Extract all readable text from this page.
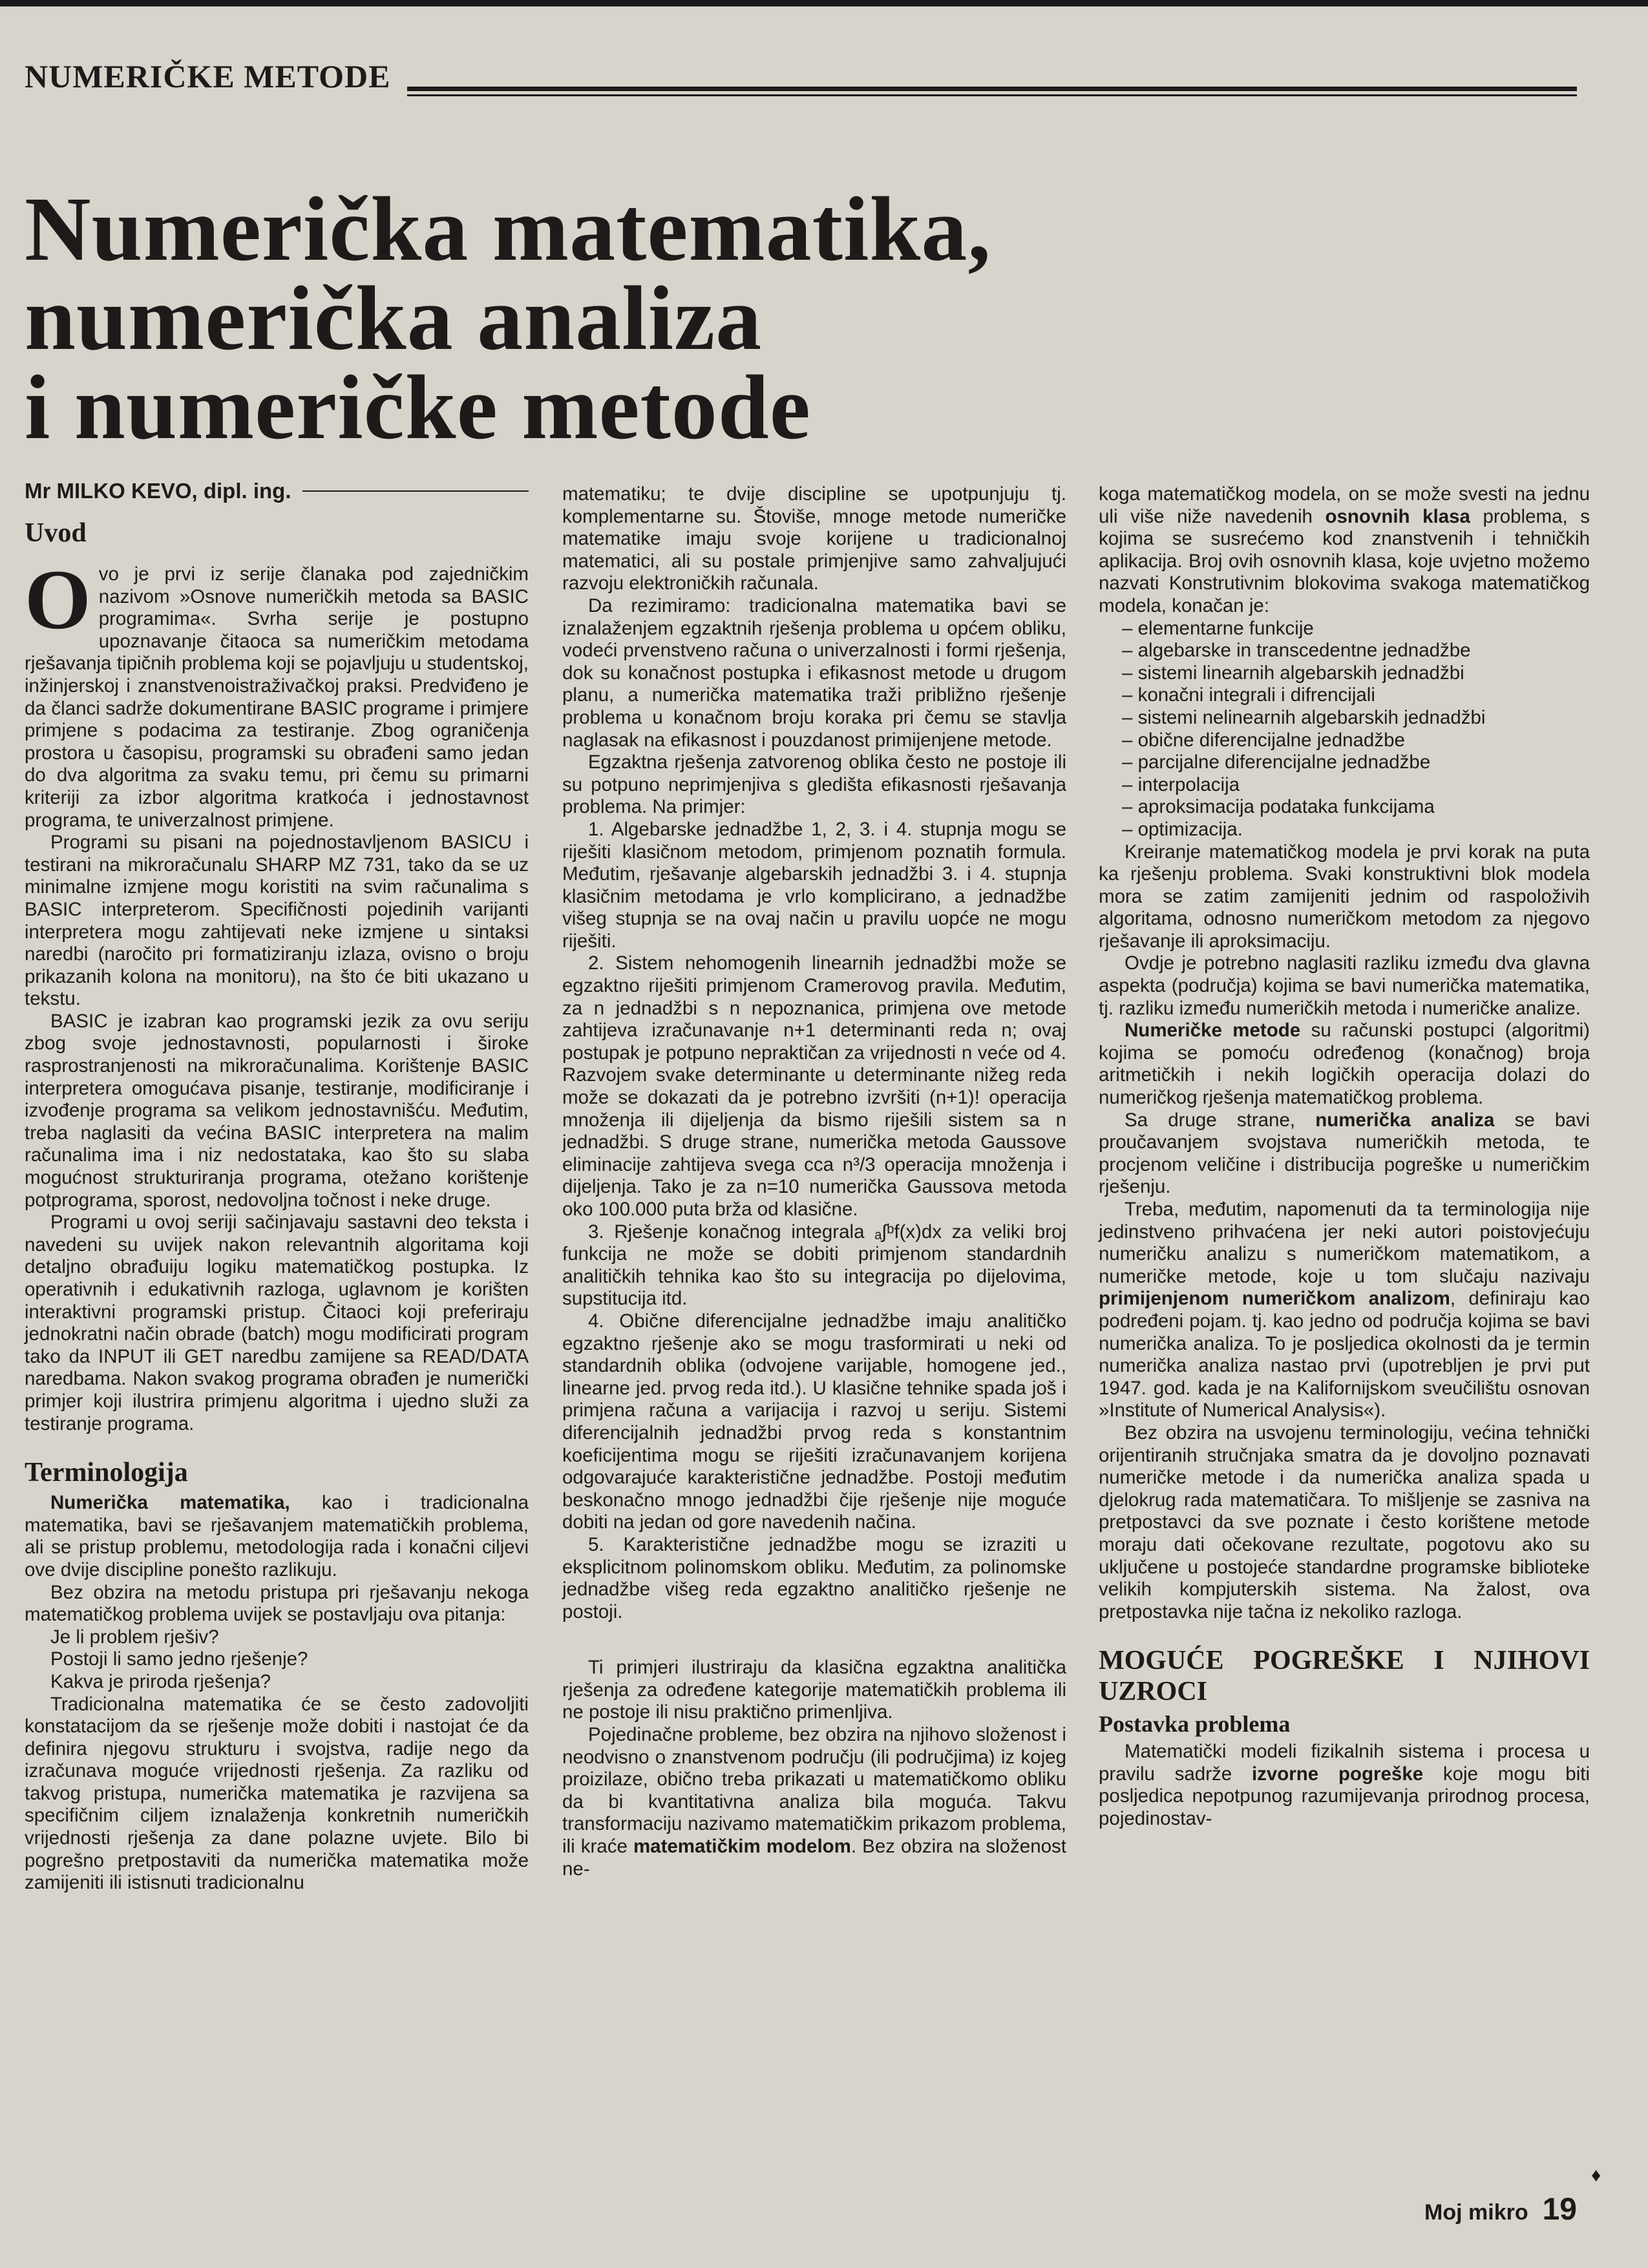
NUMERIČKE METODE
Numerička matematika,
numerička analiza
i numeričke metode
Mr MILKO KEVO, dipl. ing.
Uvod

Ovo je prvi iz serije članaka pod zajedničkim nazivom »Osnove numeričkih metoda sa BASIC programima«. Svrha serije je postupno upoznavanje čitaoca sa numeričkim metodama rješavanja tipičnih problema koji se pojavljuju u studentskoj, inžinjerskoj i znanstvenoistraživačkoj praksi. Predviđeno je da članci sadrže dokumentirane BASIC programe i primjere primjene s podacima za testiranje. Zbog ograničenja prostora u časopisu, programski su obrađeni samo jedan do dva algoritma za svaku temu, pri čemu su primarni kriteriji za izbor algoritma kratkoća i jednostavnost programa, te univerzalnost primjene.

Programi su pisani na pojednostavljenom BASICU i testirani na mikroračunalu SHARP MZ 731, tako da se uz minimalne izmjene mogu koristiti na svim računalima s BASIC interpreterom. Specifičnosti pojedinih varijanti interpretera mogu zahtijevati neke izmjene u sintaksi naredbi (naročito pri formatiziranju izlaza, ovisno o broju prikazanih kolona na monitoru), na što će biti ukazano u tekstu.

BASIC je izabran kao programski jezik za ovu seriju zbog svoje jednostavnosti, popularnosti i široke rasprostranjenosti na mikroračunalima. Korištenje BASIC interpretera omogućava pisanje, testiranje, modificiranje i izvođenje programa sa velikom jednostavnišću. Međutim, treba naglasiti da većina BASIC interpretera na malim računalima ima i niz nedostataka, kao što su slaba mogućnost strukturiranja programa, otežano korištenje potprograma, sporost, nedovoljna točnost i neke druge.

Programi u ovoj seriji sačinjavaju sastavni deo teksta i navedeni su uvijek nakon relevantnih algoritama koji detaljno obrađuiju logiku matematičkog postupka. Iz operativnih i edukativnih razloga, uglavnom je korišten interaktivni programski pristup. Čitaoci koji preferiraju jednokratni način obrade (batch) mogu modificirati program tako da INPUT ili GET naredbu zamijene sa READ/DATA naredbama. Nakon svakog programa obrađen je numerički primjer koji ilustrira primjenu algoritma i ujedno služi za testiranje programa.

Terminologija

Numerička matematika, kao i tradicionalna matematika, bavi se rješavanjem matematičkih problema, ali se pristup problemu, metodologija rada i konačni ciljevi ove dvije discipline ponešto razlikuju.

Bez obzira na metodu pristupa pri rješavanju nekoga matematičkog problema uvijek se postavljaju ova pitanja:

Je li problem rješiv?
Postoji li samo jedno rješenje?
Kakva je priroda rješenja?

Tradicionalna matematika će se često zadovoljiti konstatacijom da se rješenje može dobiti i nastojat će da definira njegovu strukturu i svojstva, radije nego da izračunava moguće vrijednosti rješenja. Za razliku od takvog pristupa, numerička matematika je razvijena sa specifičnim ciljem iznalaženja konkretnih numeričkih vrijednosti rješenja za dane polazne uvjete. Bilo bi pogrešno pretpostaviti da numerička matematika može zamijeniti ili istisnuti tradicionalnu

matematiku; te dvije discipline se upotpunjuju tj. komplementarne su. Štoviše, mnoge metode numeričke matematike imaju svoje korijene u tradicionalnoj matematici, ali su postale primjenjive samo zahvaljujući razvoju elektroničkih računala.

Da rezimiramo: tradicionalna matematika bavi se iznalaženjem egzaktnih rješenja problema u općem obliku, vodeći prvenstveno računa o univerzalnosti i formi rješenja, dok su konačnost postupka i efikasnost metode u drugom planu, a numerička matematika traži približno rješenje problema u konačnom broju koraka pri čemu se stavlja naglasak na efikasnost i pouzdanost primijenjene metode.

Egzaktna rješenja zatvorenog oblika često ne postoje ili su potpuno neprimjenjiva s gledišta efikasnosti rješavanja problema. Na primjer:

1. Algebarske jednadžbe 1, 2, 3. i 4. stupnja mogu se riješiti klasičnom metodom, primjenom poznatih formula. Međutim, rješavanje algebarskih jednadžbi 3. i 4. stupnja klasičnim metodama je vrlo komplicirano, a jednadžbe višeg stupnja se na ovaj način u pravilu uopće ne mogu riješiti.

2. Sistem nehomogenih linearnih jednadžbi može se egzaktno riješiti primjenom Cramerovog pravila. Međutim, za n jednadžbi s n nepoznanica, primjena ove metode zahtijeva izračunavanje n+1 determinanti reda n; ovaj postupak je potpuno nepraktičan za vrijednosti n veće od 4. Razvojem svake determinante u determinante nižeg reda može se dokazati da je potrebno izvršiti (n+1)! operacija množenja ili dijeljenja da bismo riješili sistem sa n jednadžbi. S druge strane, numerička metoda Gaussove eliminacije zahtijeva svega cca n³/3 operacija množenja i dijeljenja. Tako je za n=10 numerička Gaussova metoda oko 100.000 puta brža od klasične.

3. Rješenje konačnog integrala ₐ∫ᵇf(x)dx za veliki broj funkcija ne može se dobiti primjenom standardnih analitičkih tehnika kao što su integracija po dijelovima, supstitucija itd.

4. Obične diferencijalne jednadžbe imaju analitičko egzaktno rješenje ako se mogu trasformirati u neki od standardnih oblika (odvojene varijable, homogene jed., linearne jed. prvog reda itd.). U klasične tehnike spada još i primjena računa a varijacija i razvoj u seriju. Sistemi diferencijalnih jednadžbi prvog reda s konstantnim koeficijentima mogu se riješiti izračunavanjem korijena odgovarajuće karakteristične jednadžbe. Postoji međutim beskonačno mnogo jednadžbi čije rješenje nije moguće dobiti na jedan od gore navedenih načina.

5. Karakteristične jednadžbe mogu se izraziti u eksplicitnom polinomskom obliku. Međutim, za polinomske jednadžbe višeg reda egzaktno analitičko rješenje ne postoji.

Ti primjeri ilustriraju da klasična egzaktna analitička rješenja za određene kategorije matematičkih problema ili ne postoje ili nisu praktično primenljiva.

Pojedinačne probleme, bez obzira na njihovo složenost i neodvisno o znanstvenom području (ili područjima) iz kojeg proizilaze, obično treba prikazati u matematičkomo obliku da bi kvantitativna analiza bila moguća. Takvu transformaciju nazivamo matematičkim prikazom problema, ili kraće matematičkim modelom. Bez obzira na složenost ne-

koga matematičkog modela, on se može svesti na jednu uli više niže navedenih osnovnih klasa problema, s kojima se susrećemo kod znanstvenih i tehničkih aplikacija. Broj ovih osnovnih klasa, koje uvjetno možemo nazvati Konstrutivnim blokovima svakoga matematičkog modela, konačan je:

– elementarne funkcije
– algebarske in transcedentne jednadžbe
– sistemi linearnih algebarskih jednadžbi
– konačni integrali i difrencijali
– sistemi nelinearnih algebarskih jednadžbi
– obične diferencijalne jednadžbe
– parcijalne diferencijalne jednadžbe
– interpolacija
– aproksimacija podataka funkcijama
– optimizacija.

Kreiranje matematičkog modela je prvi korak na puta ka rješenju problema. Svaki konstruktivni blok modela mora se zatim zamijeniti jednim od raspoloživih algoritama, odnosno numeričkom metodom za njegovo rješavanje ili aproksimaciju.

Ovdje je potrebno naglasiti razliku između dva glavna aspekta (područja) kojima se bavi numerička matematika, tj. razliku između numeričkih metoda i numeričke analize.

Numeričke metode su računski postupci (algoritmi) kojima se pomoću određenog (konačnog) broja aritmetičkih i nekih logičkih operacija dolazi do numeričkog rješenja matematičkog problema.

Sa druge strane, numerička analiza se bavi proučavanjem svojstava numeričkih metoda, te procjenom veličine i distribucija pogreške u numeričkim rješenju.

Treba, međutim, napomenuti da ta terminologija nije jedinstveno prihvaćena jer neki autori poistovjećuju numeričku analizu s numeričkom matematikom, a numeričke metode, koje u tom slučaju nazivaju primijenjenom numeričkom analizom, definiraju kao podređeni pojam. tj. kao jedno od područja kojima se bavi numerička analiza. To je posljedica okolnosti da je termin numerička analiza nastao prvi (upotrebljen je prvi put 1947. god. kada je na Kalifornijskom sveučilištu osnovan »Institute of Numerical Analysis«).

Bez obzira na usvojenu terminologiju, većina tehnički orijentiranih stručnjaka smatra da je dovoljno poznavati numeričke metode i da numerička analiza spada u djelokrug rada matematičara. To mišljenje se zasniva na pretpostavci da sve poznate i često korištene metode moraju dati očekovane rezultate, pogotovu ako su uključene u postojeće standardne programske biblioteke velikih kompjuterskih sistema. Na žalost, ova pretpostavka nije tačna iz nekoliko razloga.

MOGUĆE POGREŠKE I NJIHOVI UZROCI
Postavka problema

Matematički modeli fizikalnih sistema i procesa u pravilu sadrže izvorne pogreške koje mogu biti posljedica nepotpunog razumijevanja prirodnog procesa, pojedinostav-

♦
Moj mikro 19
